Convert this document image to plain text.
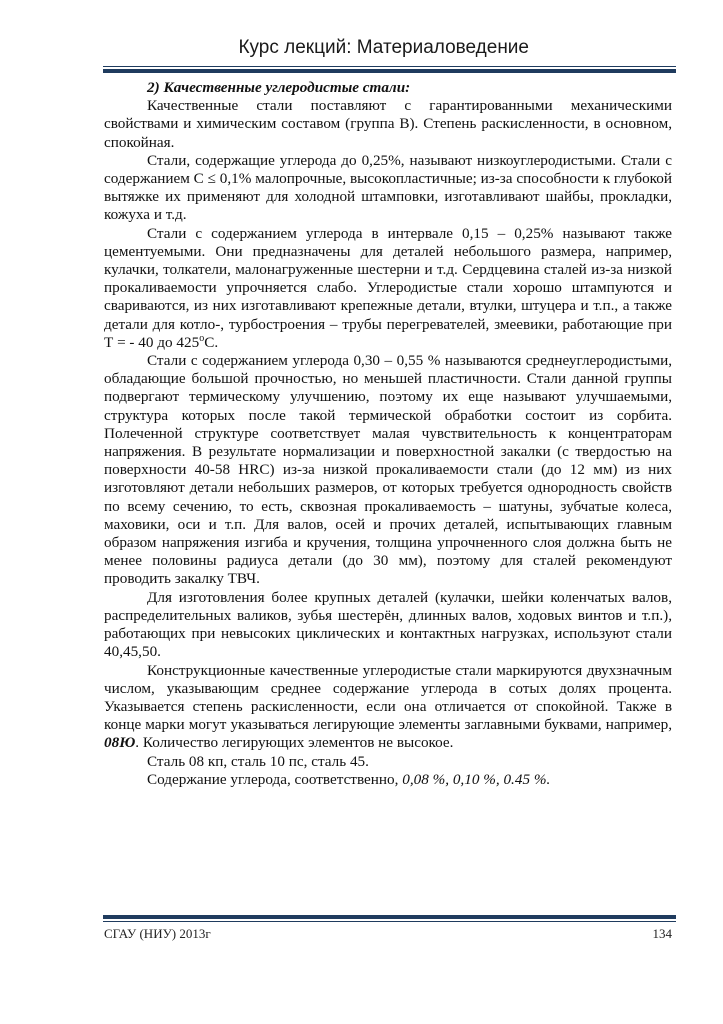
Курс лекций: Материаловедение

2) Качественные углеродистые стали:

Качественные стали поставляют с гарантированными механическими свойствами и химическим составом (группа В). Степень раскисленности, в основном, спокойная.

Стали, содержащие углерода до 0,25%, называют низкоуглеродистыми. Стали с содержанием С ≤ 0,1% малопрочные, высокопластичные; из-за способности к глубокой вытяжке их применяют для холодной штамповки, изготавливают шайбы, прокладки, кожуха и т.д.

Стали с содержанием углерода в интервале 0,15 – 0,25% называют также цементуемыми. Они предназначены для деталей небольшого размера, например, кулачки, толкатели, малонагруженные шестерни и т.д. Сердцевина сталей из-за низкой прокаливаемости упрочняется слабо. Углеродистые стали хорошо штампуются и свариваются, из них изготавливают крепежные детали, втулки, штуцера и т.п., а также детали для котло-, турбостроения – трубы перегревателей, змеевики, работающие при Т = - 40 до 425$^o$С.

Стали с содержанием углерода 0,30 – 0,55 % называются среднеуглеродистыми, обладающие большой прочностью, но меньшей пластичности. Стали данной группы подвергают термическому улучшению, поэтому их еще называют улучшаемыми, структура которых после такой термической обработки состоит из сорбита. Полеченной структуре соответствует малая чувствительность к концентраторам напряжения. В результате нормализации и поверхностной закалки (с твердостью на поверхности 40-58 HRC) из-за низкой прокаливаемости стали (до 12 мм) из них изготовляют детали небольших размеров, от которых требуется однородность свойств по всему сечению, то есть, сквозная прокаливаемость – шатуны, зубчатые колеса, маховики, оси и т.п. Для валов, осей и прочих деталей, испытывающих главным образом напряжения изгиба и кручения, толщина упрочненного слоя должна быть не менее половины радиуса детали (до 30 мм), поэтому для сталей рекомендуют проводить закалку ТВЧ.

Для изготовления более крупных деталей (кулачки, шейки коленчатых валов, распределительных валиков, зубья шестерён, длинных валов, ходовых винтов и т.п.), работающих при невысоких циклических и контактных нагрузках, используют стали 40,45,50.

Конструкционные качественные углеродистые стали маркируются двухзначным числом, указывающим среднее содержание углерода в сотых долях процента. Указывается степень раскисленности, если она отличается от спокойной. Также в конце марки могут указываться легирующие элементы заглавными буквами, например, 08Ю. Количество легирующих элементов не высокое.

Сталь 08 кп, сталь 10 пс, сталь 45.

Содержание углерода, соответственно, 0,08 %, 0,10 %, 0.45 %.

СГАУ (НИУ) 2013г	134
